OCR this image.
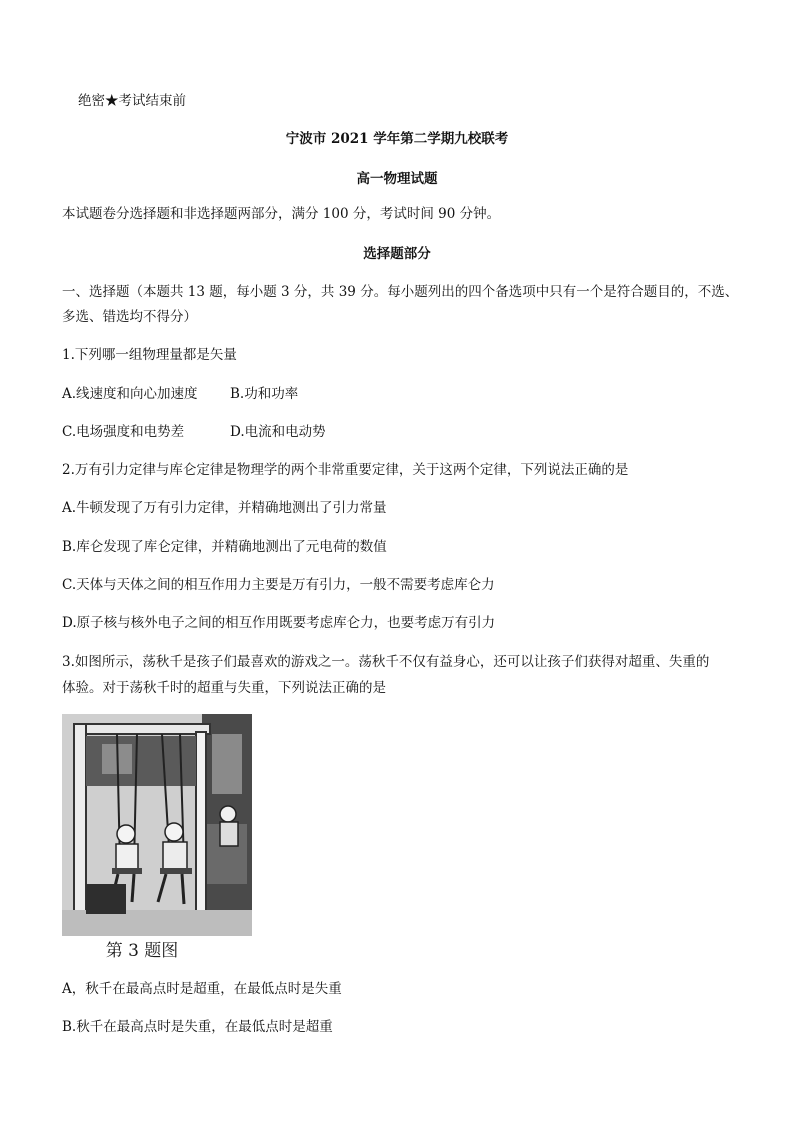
绝密★考试结束前
宁波市 2021 学年第二学期九校联考
高一物理试题
本试题卷分选择题和非选择题两部分，满分 100 分，考试时间 90 分钟。
选择题部分
一、选择题（本题共 13 题，每小题 3 分，共 39 分。每小题列出的四个备选项中只有一个是符合题目的，不选、
多选、错选均不得分）
1.下列哪一组物理量都是矢量
A.线速度和向心加速度 B.功和功率
C.电场强度和电势差	D.电流和电动势
2.万有引力定律与库仑定律是物理学的两个非常重要定律，关于这两个定律，下列说法正确的是
A.牛顿发现了万有引力定律，并精确地测出了引力常量
B.库仑发现了库仑定律，并精确地测出了元电荷的数值
C.天体与天体之间的相互作用力主要是万有引力，一般不需要考虑库仑力
D.原子核与核外电子之间的相互作用既要考虑库仑力，也要考虑万有引力
3.如图所示，荡秋千是孩子们最喜欢的游戏之一。荡秋千不仅有益身心，还可以让孩子们获得对超重、失重的
体验。对于荡秋千时的超重与失重，下列说法正确的是
第 3 题图
A，秋千在最高点时是超重，在最低点时是失重
B.秋千在最高点时是失重，在最低点时是超重
